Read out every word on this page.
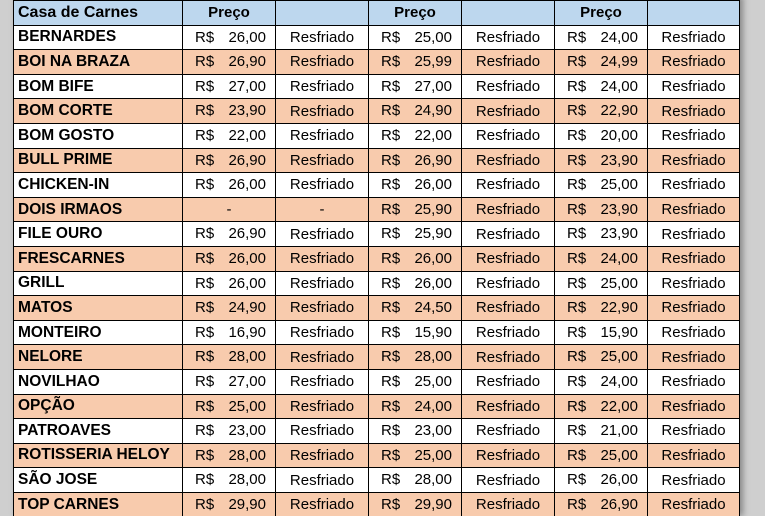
Casa de Carnes	Preço		Preço		Preço	
BERNARDES	R$ 26,00	Resfriado	R$ 25,00	Resfriado	R$ 24,00	Resfriado
BOI NA BRAZA	R$ 26,90	Resfriado	R$ 25,99	Resfriado	R$ 24,99	Resfriado
BOM BIFE	R$ 27,00	Resfriado	R$ 27,00	Resfriado	R$ 24,00	Resfriado
BOM CORTE	R$ 23,90	Resfriado	R$ 24,90	Resfriado	R$ 22,90	Resfriado
BOM GOSTO	R$ 22,00	Resfriado	R$ 22,00	Resfriado	R$ 20,00	Resfriado
BULL PRIME	R$ 26,90	Resfriado	R$ 26,90	Resfriado	R$ 23,90	Resfriado
CHICKEN-IN	R$ 26,00	Resfriado	R$ 26,00	Resfriado	R$ 25,00	Resfriado
DOIS IRMAOS	-	-	R$ 25,90	Resfriado	R$ 23,90	Resfriado
FILE OURO	R$ 26,90	Resfriado	R$ 25,90	Resfriado	R$ 23,90	Resfriado
FRESCARNES	R$ 26,00	Resfriado	R$ 26,00	Resfriado	R$ 24,00	Resfriado
GRILL	R$ 26,00	Resfriado	R$ 26,00	Resfriado	R$ 25,00	Resfriado
MATOS	R$ 24,90	Resfriado	R$ 24,50	Resfriado	R$ 22,90	Resfriado
MONTEIRO	R$ 16,90	Resfriado	R$ 15,90	Resfriado	R$ 15,90	Resfriado
NELORE	R$ 28,00	Resfriado	R$ 28,00	Resfriado	R$ 25,00	Resfriado
NOVILHAO	R$ 27,00	Resfriado	R$ 25,00	Resfriado	R$ 24,00	Resfriado
OPÇÃO	R$ 25,00	Resfriado	R$ 24,00	Resfriado	R$ 22,00	Resfriado
PATROAVES	R$ 23,00	Resfriado	R$ 23,00	Resfriado	R$ 21,00	Resfriado
ROTISSERIA HELOY	R$ 28,00	Resfriado	R$ 25,00	Resfriado	R$ 25,00	Resfriado
SÃO JOSE	R$ 28,00	Resfriado	R$ 28,00	Resfriado	R$ 26,00	Resfriado
TOP CARNES	R$ 29,90	Resfriado	R$ 29,90	Resfriado	R$ 26,90	Resfriado
